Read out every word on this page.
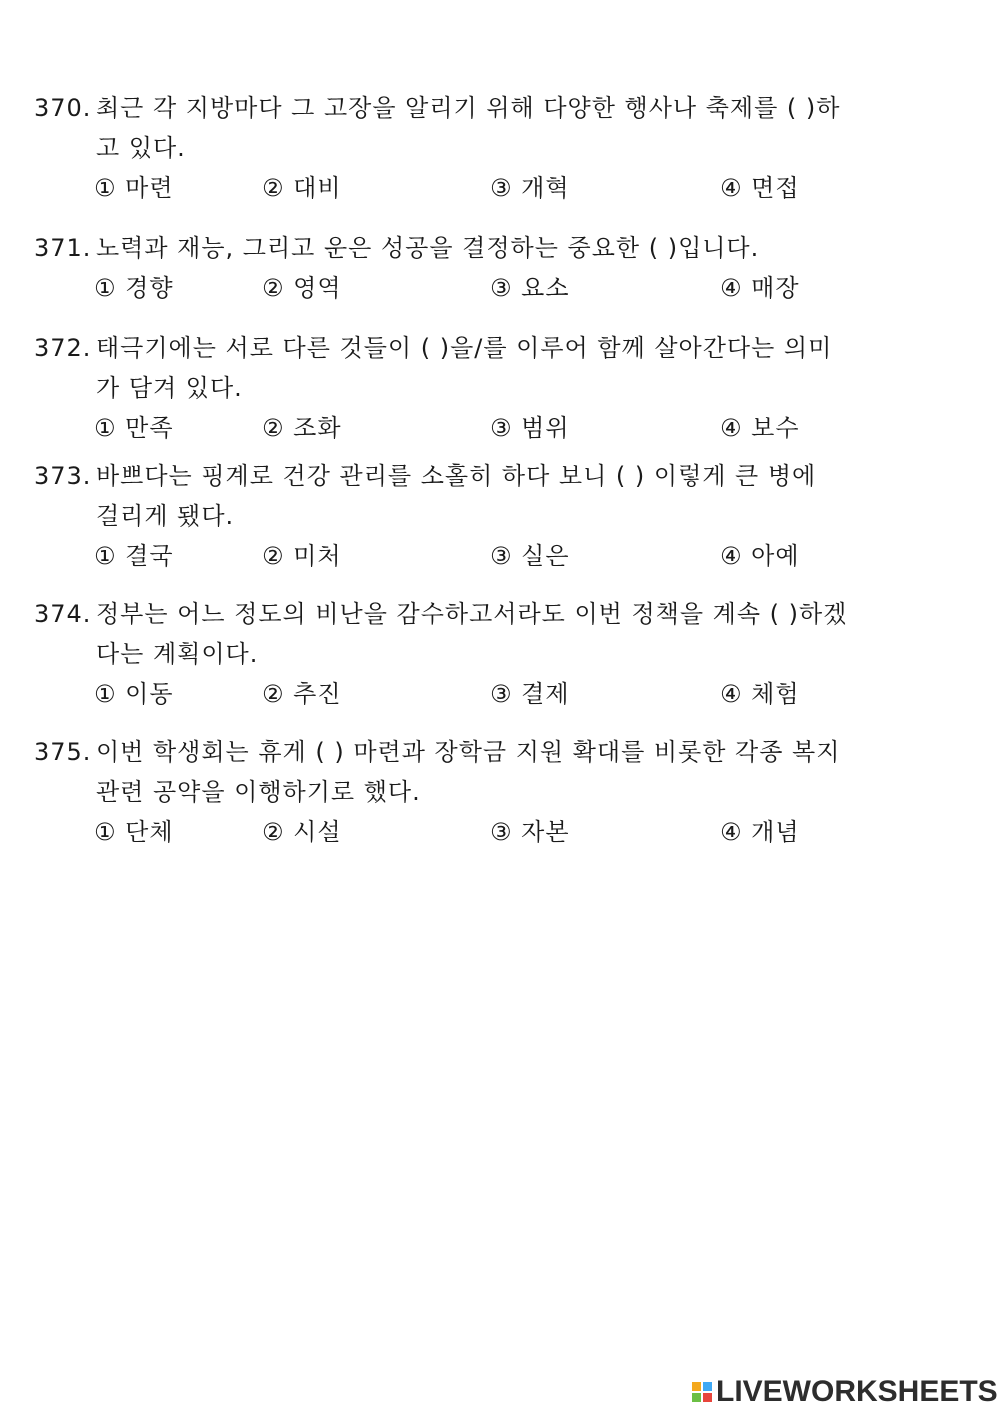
370. 최근 각 지방마다 그 고장을 알리기 위해 다양한 행사나 축제를 ( )하
고 있다.
① 마련	② 대비	③ 개혁	④ 면접
371. 노력과 재능, 그리고 운은 성공을 결정하는 중요한 ( )입니다.
① 경향	② 영역	③ 요소	④ 매장
372. 태극기에는 서로 다른 것들이 ( )을/를 이루어 함께 살아간다는 의미
가 담겨 있다.
① 만족	② 조화	③ 범위	④ 보수
373. 바쁘다는 핑계로 건강 관리를 소홀히 하다 보니 ( ) 이렇게 큰 병에
걸리게 됐다.
① 결국	② 미처	③ 실은	④ 아예
374. 정부는 어느 정도의 비난을 감수하고서라도 이번 정책을 계속 ( )하겠
다는 계획이다.
① 이동	② 추진	③ 결제	④ 체험
375. 이번 학생회는 휴게 ( ) 마련과 장학금 지원 확대를 비롯한 각종 복지
관련 공약을 이행하기로 했다.
① 단체	② 시설	③ 자본	④ 개념
LIVEWORKSHEETS
